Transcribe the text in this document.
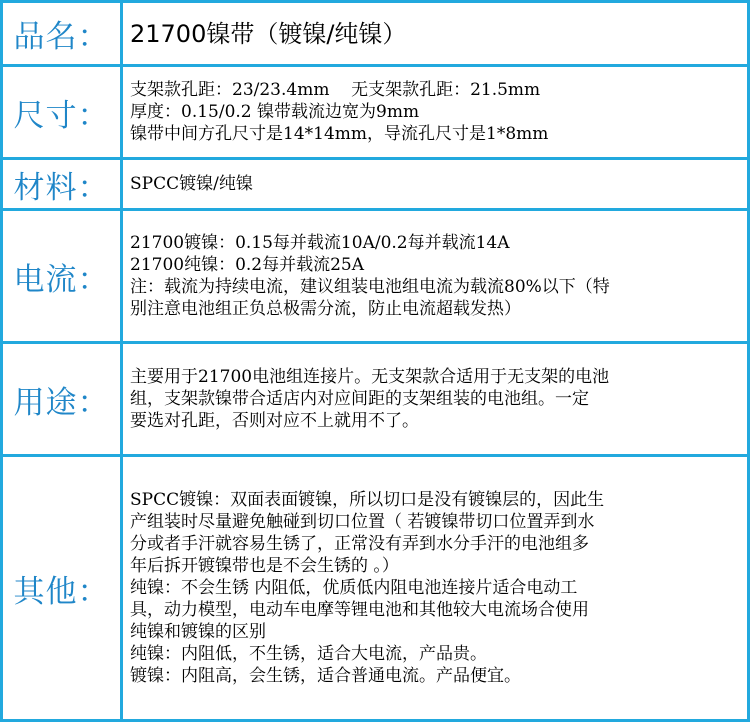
品名： 21700镍带（镀镍/纯镍）

尺寸：

支架款孔距：23/23.4mm    无支架款孔距：21.5mm

厚度：0.15/0.2 镍带载流边宽为9mm

镍带中间方孔尺寸是14*14mm，导流孔尺寸是1*8mm

材料：	SPCC镀镍/纯镍

电流：

21700镀镍：0.15每并载流10A/0.2每并载流14A

21700纯镍：0.2每并载流25A

注：载流为持续电流，建议组装电池组电流为载流80%以下（特

别注意电池组正负总极需分流，防止电流超载发热）

用途：

主要用于21700电池组连接片。无支架款合适用于无支架的电池

组，支架款镍带合适店内对应间距的支架组装的电池组。一定

要选对孔距，否则对应不上就用不了。

其他：

SPCC镀镍：双面表面镀镍，所以切口是没有镀镍层的，因此生

产组装时尽量避免触碰到切口位置（ 若镀镍带切口位置弄到水

分或者手汗就容易生锈了，正常没有弄到水分手汗的电池组多

年后拆开镀镍带也是不会生锈的 。）

纯镍：不会生锈 内阻低，优质低内阻电池连接片适合电动工

具，动力模型，电动车电摩等锂电池和其他较大电流场合使用

纯镍和镀镍的区别

纯镍：内阻低，不生锈，适合大电流，产品贵。

镀镍：内阻高，会生锈，适合普通电流。产品便宜。
